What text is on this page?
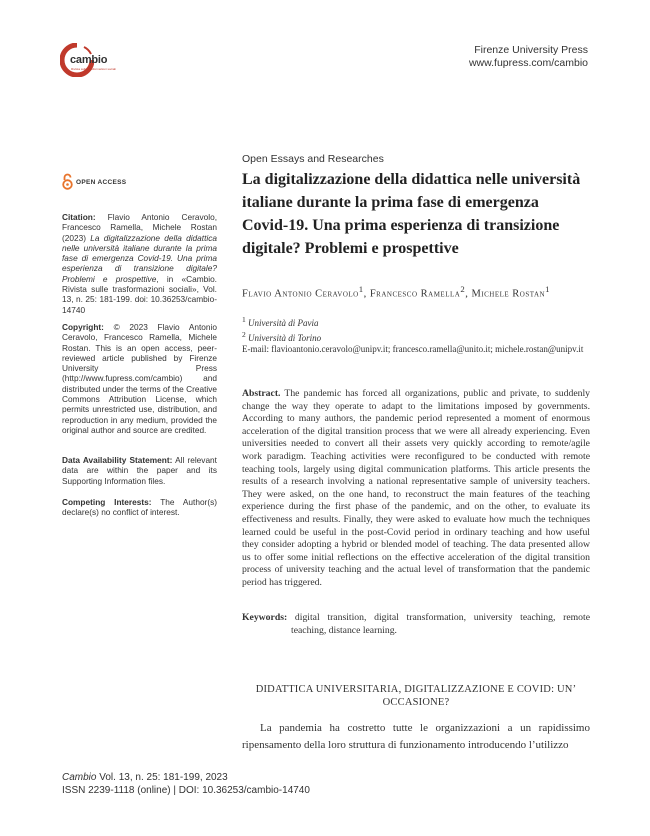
cambio
Rivista sulle trasformazioni sociali
Firenze University Press
www.fupress.com/cambio
OPEN ACCESS
Citation: Flavio Antonio Ceravolo, Francesco Ramella, Michele Rostan (2023) La digitalizzazione della didattica nelle università italiane durante la prima fase di emergenza Covid-19. Una prima esperienza di transizione digitale? Problemi e prospettive, in «Cambio. Rivista sulle trasformazioni sociali», Vol. 13, n. 25: 181-199. doi: 10.36253/cambio-14740
Copyright: © 2023 Flavio Antonio Ceravolo, Francesco Ramella, Michele Rostan. This is an open access, peer-reviewed article published by Firenze University Press (http://www.fupress.com/cambio) and distributed under the terms of the Creative Commons Attribution License, which permits unrestricted use, distribution, and reproduction in any medium, provided the original author and source are credited.
Data Availability Statement: All relevant data are within the paper and its Supporting Information files.
Competing Interests: The Author(s) declare(s) no conflict of interest.
Open Essays and Researches
La digitalizzazione della didattica nelle università italiane durante la prima fase di emergenza Covid-19. Una prima esperienza di transizione digitale? Problemi e prospettive
Flavio Antonio Ceravolo$^1$, Francesco Ramella$^2$, Michele Rostan$^1$
$^1$ Università di Pavia
$^2$ Università di Torino
E-mail: flavioantonio.ceravolo@unipv.it; francesco.ramella@unito.it; michele.rostan@unipv.it
Abstract. The pandemic has forced all organizations, public and private, to suddenly change the way they operate to adapt to the limitations imposed by governments. According to many authors, the pandemic period represented a moment of enormous acceleration of the digital transition process that we were all already experiencing. Even universities needed to convert all their assets very quickly according to remote/agile work paradigm. Teaching activities were reconfigured to be conducted with remote teaching tools, largely using digital communication platforms. This article presents the results of a research involving a national representative sample of university teachers. They were asked, on the one hand, to reconstruct the main features of the teaching experience during the first phase of the pandemic, and on the other, to evaluate its effectiveness and results. Finally, they were asked to evaluate how much the techniques learned could be useful in the post-Covid period in ordinary teaching and how useful they consider adopting a hybrid or blended model of teaching. The data presented allow us to offer some initial reflections on the effective acceleration of the digital transition process of university teaching and the actual level of transformation that the pandemic period has triggered.
Keywords: digital transition, digital transformation, university teaching, remote teaching, distance learning.
DIDATTICA UNIVERSITARIA, DIGITALIZZAZIONE E COVID: UN’ OCCASIONE?
La pandemia ha costretto tutte le organizzazioni a un rapidissimo ripensamento della loro struttura di funzionamento introducendo l’utilizzo
Cambio Vol. 13, n. 25: 181-199, 2023
ISSN 2239-1118 (online) | DOI: 10.36253/cambio-14740
